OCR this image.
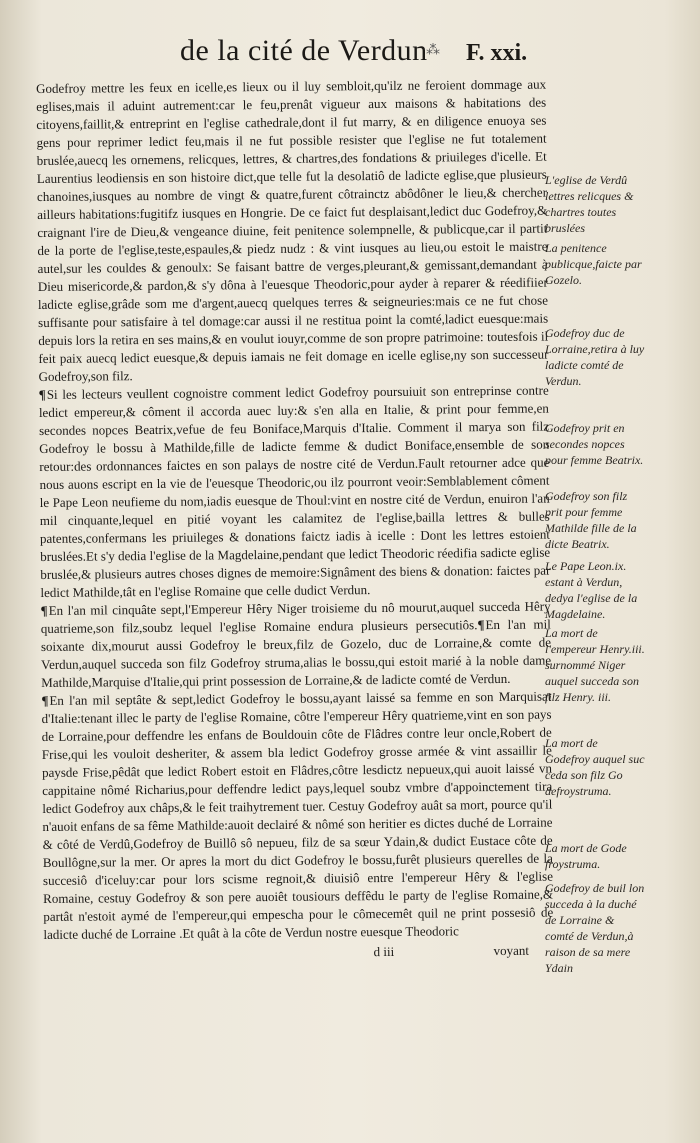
de la cité de Verdun
⁂ F. xxi.

Godefroy mettre les feux en icelle,es lieux ou il luy sembloit,qu'ilz ne feroient dommage aux eglises,mais il aduint autrement:car le feu,prenât vigueur aux maisons & habitations des citoyens,faillit,& entreprint en l'eglise cathedrale,dont il fut marry, & en diligence enuoya ses gens pour reprimer ledict feu,mais il ne fut possible resister que l'eglise ne fut totalement bruslée,auecq les ornemens, relicques, lettres, & chartres,des fondations & priuileges d'icelle. Et Laurentius leodiensis en son histoire dict,que telle fut la desolatiô de ladicte eglise,que plusieurs chanoines,iusques au nombre de vingt & quatre,furent côtrainctz abôdôner le lieu,& chercher ailleurs habitations:fugitifz iusques en Hongrie. De ce faict fut desplaisant,ledict duc Godefroy,& craignant l'ire de Dieu,& vengeance diuine, feit penitence solempnelle, & publicque,car il partit de la porte de l'eglise,teste,espaules,& piedz nudz : & vint iusques au lieu,ou estoit le maistre autel,sur les couldes & genoulx: Se faisant battre de verges,pleurant,& gemissant,demandant à Dieu misericorde,& pardon,& s'y dôna à l'euesque Theodoric,pour ayder à reparer & réedifiier ladicte eglise,grâde som me d'argent,auecq quelques terres & seigneuries:mais ce ne fut chose suffisante pour satisfaire à tel domage:car aussi il ne restitua point la comté,ladict euesque:mais depuis lors la retira en ses mains,& en voulut iouyr,comme de son propre patrimoine: toutesfois il feit paix auecq ledict euesque,& depuis iamais ne feit domage en icelle eglise,ny son successeur Godefroy,son filz.

¶Si les lecteurs veullent cognoistre comment ledict Godefroy poursuiuit son entreprinse contre ledict empereur,& côment il accorda auec luy:& s'en alla en Italie, & print pour femme,en secondes nopces Beatrix,vefue de feu Boniface,Marquis d'Italie. Comment il marya son filz Godefroy le bossu à Mathilde,fille de ladicte femme & dudict Boniface,ensemble de son retour:des ordonnances faictes en son palays de nostre cité de Verdun.Fault retourner adce que nous auons escript en la vie de l'euesque Theodoric,ou ilz pourront veoir:Semblablement côment le Pape Leon neufieme du nom,iadis euesque de Thoul:vint en nostre cité de Verdun, enuiron l'an mil cinquante,lequel en pitié voyant les calamitez de l'eglise,bailla lettres & bulles patentes,confermans les priuileges & donations faictz iadis à icelle : Dont les lettres estoient bruslées.Et s'y dedia l'eglise de la Magdelaine,pendant que ledict Theodoric réedifia sadicte eglise bruslée,& plusieurs autres choses dignes de memoire:Signâment des biens & donation: faictes par ledict Mathilde,tât en l'eglise Romaine que celle dudict Verdun.

¶En l'an mil cinquâte sept,l'Empereur Hêry Niger troisieme du nô mourut,auquel succeda Hêry quatrieme,son filz,soubz lequel l'eglise Romaine endura plusieurs persecutiôs.¶En l'an mil soixante dix,mourut aussi Godefroy le breux,filz de Gozelo, duc de Lorraine,& comte de Verdun,auquel succeda son filz Godefroy struma,alias le bossu,qui estoit marié à la noble dame Mathilde,Marquise d'Italie,qui print possession de Lorraine,& de ladicte comté de Verdun.

¶En l'an mil septâte & sept,ledict Godefroy le bossu,ayant laissé sa femme en son Marquisat d'Italie:tenant illec le party de l'eglise Romaine, côtre l'empereur Hêry quatrieme,vint en son pays de Lorraine,pour deffendre les enfans de Bouldouin côte de Flâdres contre leur oncle,Robert de Frise,qui les vouloit desheriter, & assem bla ledict Godefroy grosse armée & vint assaillir le paysde Frise,pêdât que ledict Robert estoit en Flâdres,côtre lesdictz nepueux,qui auoit laissé vn cappitaine nômé Richarius,pour deffendre ledict pays,lequel soubz vmbre d'appoinctement tira ledict Godefroy aux châps,& le feit traihytrement tuer. Cestuy Godefroy auât sa mort, pource qu'il n'auoit enfans de sa fême Mathilde:auoit declairé & nômé son heritier es dictes duché de Lorraine & côté de Verdû,Godefroy de Buillô sô nepueu, filz de sa sœur Ydain,& dudict Eustace côte de Boullôgne,sur la mer. Or apres la mort du dict Godefroy le bossu,furêt plusieurs querelles de la succesiô d'iceluy:car pour lors scisme regnoit,& diuisiô entre l'empereur Hêry & l'eglise Romaine, cestuy Godefroy & son pere auoiêt tousiours deffêdu le party de l'eglise Romaine,& partât n'estoit aymé de l'empereur,qui empescha pour le cômecemêt quil ne print possesiô de ladicte duché de Lorraine .Et quât à la côte de Verdun nostre euesque Theodoric

d iii	voyant
L'eglise de Verdû lettres relicques & chartres toutes bruslées
La penitence publicque,faicte par Gozelo.
Godefroy duc de Lorraine,retira à luy ladicte comté de Verdun.
Godefroy prit en secondes nopces pour femme Beatrix.
Godefroy son filz prit pour femme Mathilde fille de la dicte Beatrix.
Le Pape Leon.ix. estant à Verdun, dedya l'eglise de la Magdelaine.
La mort de l'empereur Henry.iii. surnommé Niger auquel succeda son filz Henry. iii.
La mort de Godefroy auquel suc ceda son filz Go defroystruma.
La mort de Gode froystruma.
Godefroy de buil lon succeda à la duché de Lorraine & comté de Verdun,à raison de sa mere Ydain
